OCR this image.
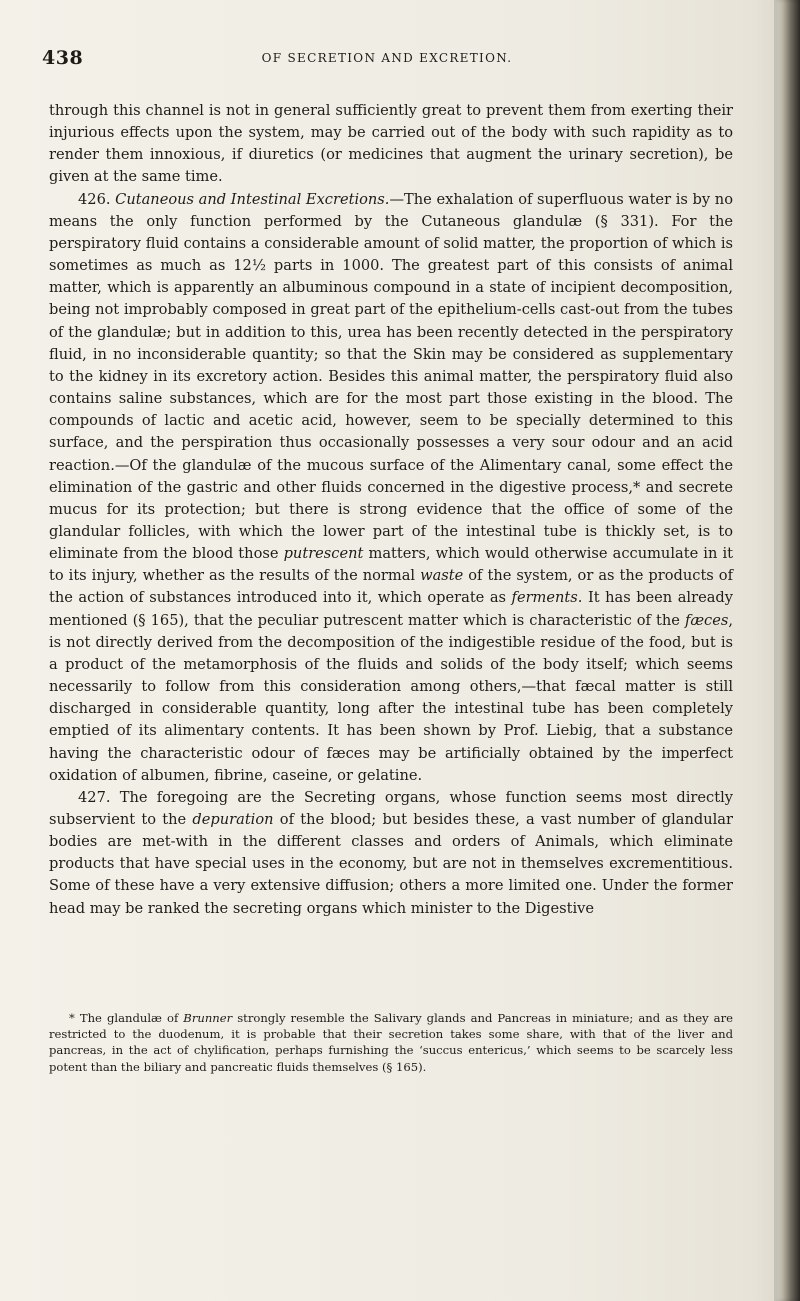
438	OF SECRETION AND EXCRETION.

through this channel is not in general sufficiently great to prevent them from exerting their injurious effects upon the system, may be carried out of the body with such rapidity as to render them innoxious, if diuretics (or medicines that augment the urinary secretion), be given at the same time.

426. Cutaneous and Intestinal Excretions.—The exhalation of superfluous water is by no means the only function performed by the Cutaneous glandulæ (§ 331). For the perspiratory fluid contains a considerable amount of solid matter, the proportion of which is sometimes as much as 12½ parts in 1000. The greatest part of this consists of animal matter, which is apparently an albuminous compound in a state of incipient decomposition, being not improbably composed in great part of the epithelium-cells cast-out from the tubes of the glandulæ; but in addition to this, urea has been recently detected in the perspiratory fluid, in no inconsiderable quantity; so that the Skin may be considered as supplementary to the kidney in its excretory action. Besides this animal matter, the perspiratory fluid also contains saline substances, which are for the most part those existing in the blood. The compounds of lactic and acetic acid, however, seem to be specially determined to this surface, and the perspiration thus occasionally possesses a very sour odour and an acid reaction.—Of the glandulæ of the mucous surface of the Alimentary canal, some effect the elimination of the gastric and other fluids concerned in the digestive process,* and secrete mucus for its protection; but there is strong evidence that the office of some of the glandular follicles, with which the lower part of the intestinal tube is thickly set, is to eliminate from the blood those putrescent matters, which would otherwise accumulate in it to its injury, whether as the results of the normal waste of the system, or as the products of the action of substances introduced into it, which operate as ferments. It has been already mentioned (§ 165), that the peculiar putrescent matter which is characteristic of the fæces, is not directly derived from the decomposition of the indigestible residue of the food, but is a product of the metamorphosis of the fluids and solids of the body itself; which seems necessarily to follow from this consideration among others,—that fæcal matter is still discharged in considerable quantity, long after the intestinal tube has been completely emptied of its alimentary contents. It has been shown by Prof. Liebig, that a substance having the characteristic odour of fæces may be artificially obtained by the imperfect oxidation of albumen, fibrine, caseine, or gelatine.

427. The foregoing are the Secreting organs, whose function seems most directly subservient to the depuration of the blood; but besides these, a vast number of glandular bodies are met-with in the different classes and orders of Animals, which eliminate products that have special uses in the economy, but are not in themselves excrementitious. Some of these have a very extensive diffusion; others a more limited one. Under the former head may be ranked the secreting organs which minister to the Digestive

* The glandulæ of Brunner strongly resemble the Salivary glands and Pancreas in miniature; and as they are restricted to the duodenum, it is probable that their secretion takes some share, with that of the liver and pancreas, in the act of chylification, perhaps furnishing the ‘succus entericus,’ which seems to be scarcely less potent than the biliary and pancreatic fluids themselves (§ 165).
